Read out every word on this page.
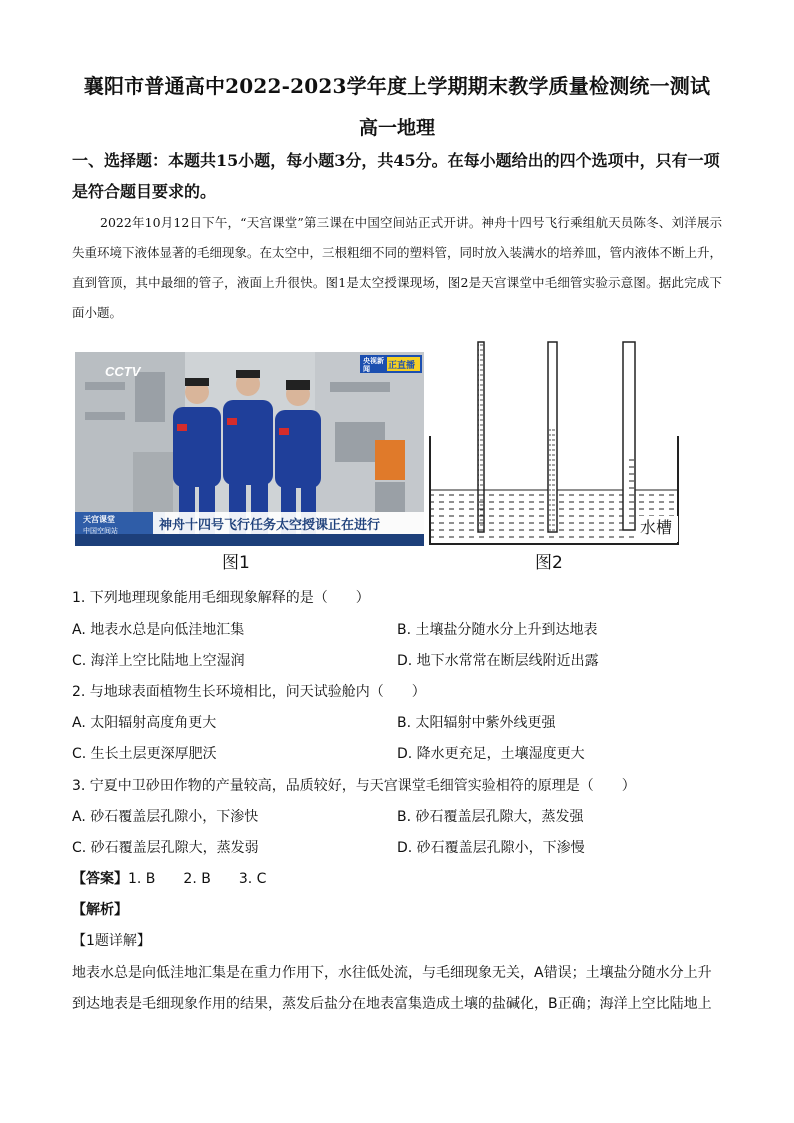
襄阳市普通高中2022-2023学年度上学期期末教学质量检测统一测试
高一地理
一、选择题：本题共15小题，每小题3分，共45分。在每小题给出的四个选项中，只有一项是符合题目要求的。
2022年10月12日下午，“天宫课堂”第三课在中国空间站正式开讲。神舟十四号飞行乘组航天员陈冬、刘洋展示失重环境下液体显著的毛细现象。在太空中，三根粗细不同的塑料管，同时放入装满水的培养皿，管内液体不断上升，直到管顶，其中最细的管子，液面上升很快。图1是太空授课现场，图2是天宫课堂中毛细管实验示意图。据此完成下面小题。
CCTV
央视新闻	正直播
天宫课堂
中国空间站	神舟十四号飞行任务太空授课正在进行
图1
水槽
图2
1. 下列地理现象能用毛细现象解释的是（　　）
A. 地表水总是向低洼地汇集	B. 土壤盐分随水分上升到达地表
C. 海洋上空比陆地上空湿润	D. 地下水常常在断层线附近出露
2. 与地球表面植物生长环境相比，问天试验舱内（　　）
A. 太阳辐射高度角更大	B. 太阳辐射中紫外线更强
C. 生长土层更深厚肥沃	D. 降水更充足，土壤湿度更大
3. 宁夏中卫砂田作物的产量较高，品质较好，与天宫课堂毛细管实验相符的原理是（　　）
A. 砂石覆盖层孔隙小，下渗快	B. 砂石覆盖层孔隙大，蒸发强
C. 砂石覆盖层孔隙大，蒸发弱	D. 砂石覆盖层孔隙小，下渗慢
【答案】1. B　　2. B　　3. C
【解析】
【1题详解】
地表水总是向低洼地汇集是在重力作用下，水往低处流，与毛细现象无关，A错误；土壤盐分随水分上升到达地表是毛细现象作用的结果，蒸发后盐分在地表富集造成土壤的盐碱化，B正确；海洋上空比陆地上
